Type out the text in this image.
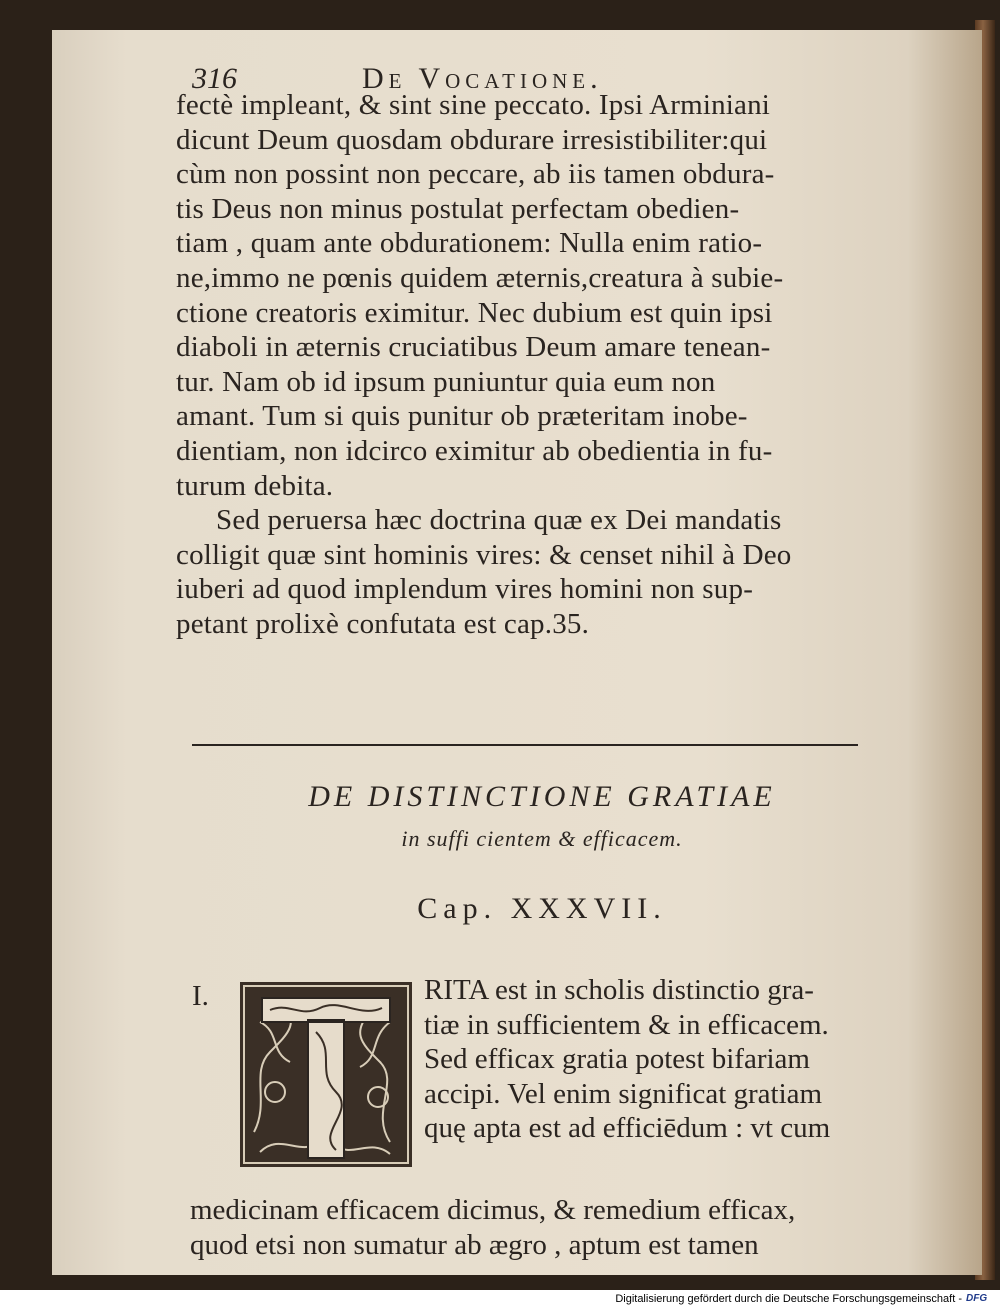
316	De Vocatione.
fectè impleant, & sint sine peccato. Ipsi Arminiani
dicunt Deum quosdam obdurare irresistibiliter:qui
cùm non possint non peccare, ab iis tamen obdura-
tis Deus non minus postulat perfectam obedien-
tiam , quam ante obdurationem: Nulla enim ratio-
ne,immo ne pœnis quidem æternis,creatura à subie-
ctione creatoris eximitur. Nec dubium est quin ipsi
diaboli in æternis cruciatibus Deum amare tenean-
tur. Nam ob id ipsum puniuntur quia eum non
amant. Tum si quis punitur ob præteritam inobe-
dientiam, non idcirco eximitur ab obedientia in fu-
turum debita.
Sed peruersa hæc doctrina quæ ex Dei mandatis
colligit quæ sint hominis vires: & censet nihil à Deo
iuberi ad quod implendum vires homini non sup-
petant prolixè confutata est cap.35.
DE DISTINCTIONE GRATIAE
in suffi cientem & efficacem.
Cap. XXXVII.
I.	RITA est in scholis distinctio gra-
tiæ in sufficientem & in efficacem.
Sed efficax gratia potest bifariam
accipi. Vel enim significat gratiam
quę apta est ad efficiēdum : vt cum
medicinam efficacem dicimus, & remedium efficax,
quod etsi non sumatur ab ægro , aptum est tamen
Digitalisierung gefördert durch die Deutsche Forschungsgemeinschaft - DFG
